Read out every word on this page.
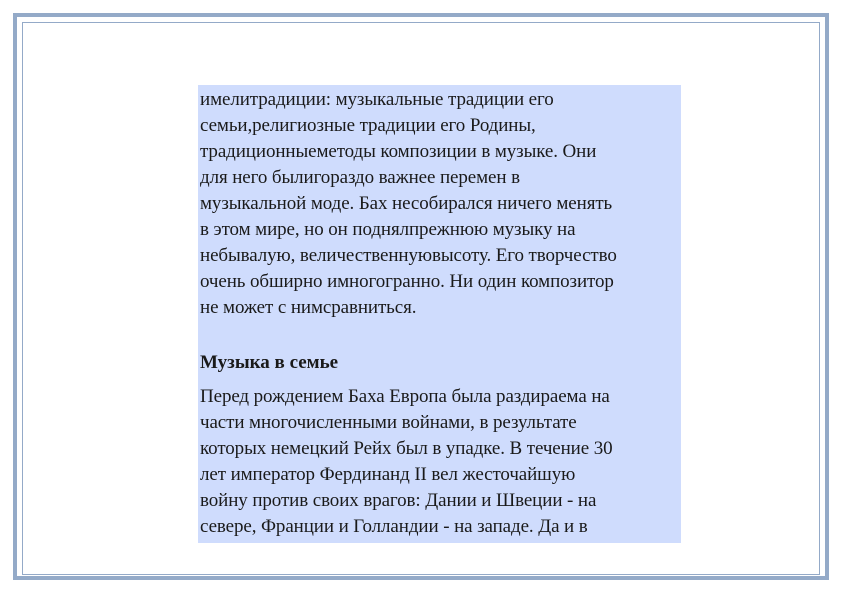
имелитрадиции: музыкальные традиции его
семьи,религиозные традиции его Родины,
традиционныеметоды композиции в музыке. Они
для него былигораздо важнее перемен в
музыкальной моде. Бах несобирался ничего менять
в этом мире, но он поднялпрежнюю музыку на
небывалую, величественнуювысоту. Его творчество
очень обширно имногогранно. Ни один композитор
не может с нимсравниться.
Музыка в семье
Перед рождением Баха Европа была раздираема на
части многочисленными войнами, в результате
которых немецкий Рейх был в упадке. В течение 30
лет император Фердинанд II вел жесточайшую
войну против своих врагов: Дании и Швеции - на
севере, Франции и Голландии - на западе. Да и в
